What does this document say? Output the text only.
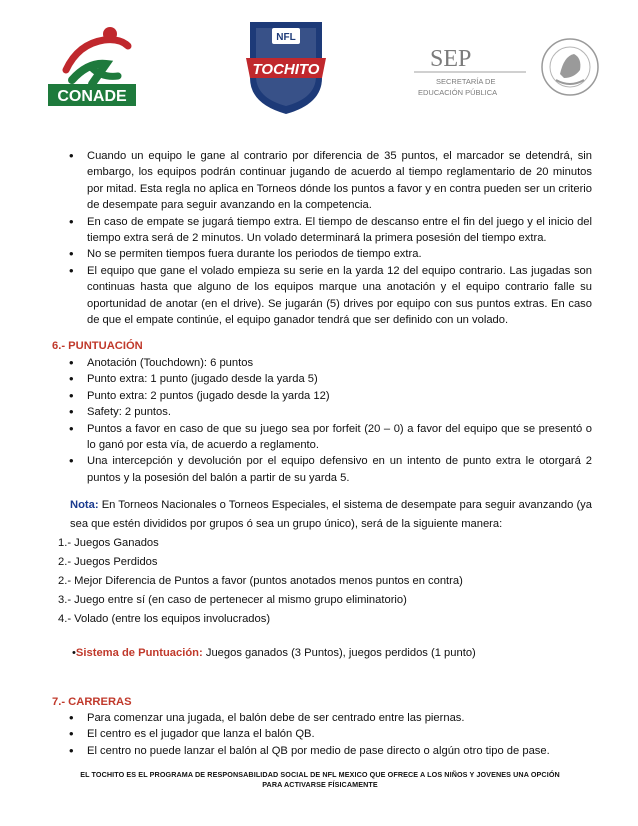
CONADE
NFL
TOCHITO	SEP
SECRETARÍA DE
EDUCACIÓN PÚBLICA
• Cuando un equipo le gane al contrario por diferencia de 35 puntos, el marcador se detendrá, sin embargo, los equipos podrán continuar jugando de acuerdo al tiempo reglamentario de 20 minutos por mitad. Esta regla no aplica en Torneos dónde los puntos a favor y en contra pueden ser un criterio de desempate para seguir avanzando en la competencia.
• En caso de empate se jugará tiempo extra. El tiempo de descanso entre el fin del juego y el inicio del tiempo extra será de 2 minutos. Un volado determinará la primera posesión del tiempo extra.
• No se permiten tiempos fuera durante los periodos de tiempo extra.
• El equipo que gane el volado empieza su serie en la yarda 12 del equipo contrario. Las jugadas son continuas hasta que alguno de los equipos marque una anotación y el equipo contrario falle su oportunidad de anotar (en el drive). Se jugarán (5) drives por equipo con sus puntos extras. En caso de que el empate continúe, el equipo ganador tendrá que ser definido con un volado.

6.- PUNTUACIÓN

• Anotación (Touchdown): 6 puntos
• Punto extra: 1 punto (jugado desde la yarda 5)
• Punto extra: 2 puntos (jugado desde la yarda 12)
• Safety: 2 puntos.
• Puntos a favor en caso de que su juego sea por forfeit (20 – 0) a favor del equipo que se presentó o lo ganó por esta vía, de acuerdo a reglamento.
• Una intercepción y devolución por el equipo defensivo en un intento de punto extra le otorgará 2 puntos y la posesión del balón a partir de su yarda 5.
Nota: En Torneos Nacionales o Torneos Especiales, el sistema de desempate para seguir avanzando (ya sea que estén divididos por grupos ó sea un grupo único), será de la siguiente manera:
1.- Juegos Ganados
2.- Juegos Perdidos
2.- Mejor Diferencia de Puntos a favor (puntos anotados menos puntos en contra)
3.- Juego entre sí (en caso de pertenecer al mismo grupo eliminatorio)
4.- Volado (entre los equipos involucrados)
•Sistema de Puntuación: Juegos ganados (3 Puntos), juegos perdidos (1 punto)

7.- CARRERAS

• Para comenzar una jugada, el balón debe de ser centrado entre las piernas.
• El centro es el jugador que lanza el balón QB.
• El centro no puede lanzar el balón al QB por medio de pase directo o algún otro tipo de pase.
EL TOCHITO ES EL PROGRAMA DE RESPONSABILIDAD SOCIAL DE NFL MEXICO QUE OFRECE A LOS NIÑOS Y JOVENES UNA OPCIÓN
PARA ACTIVARSE FÍSICAMENTE
